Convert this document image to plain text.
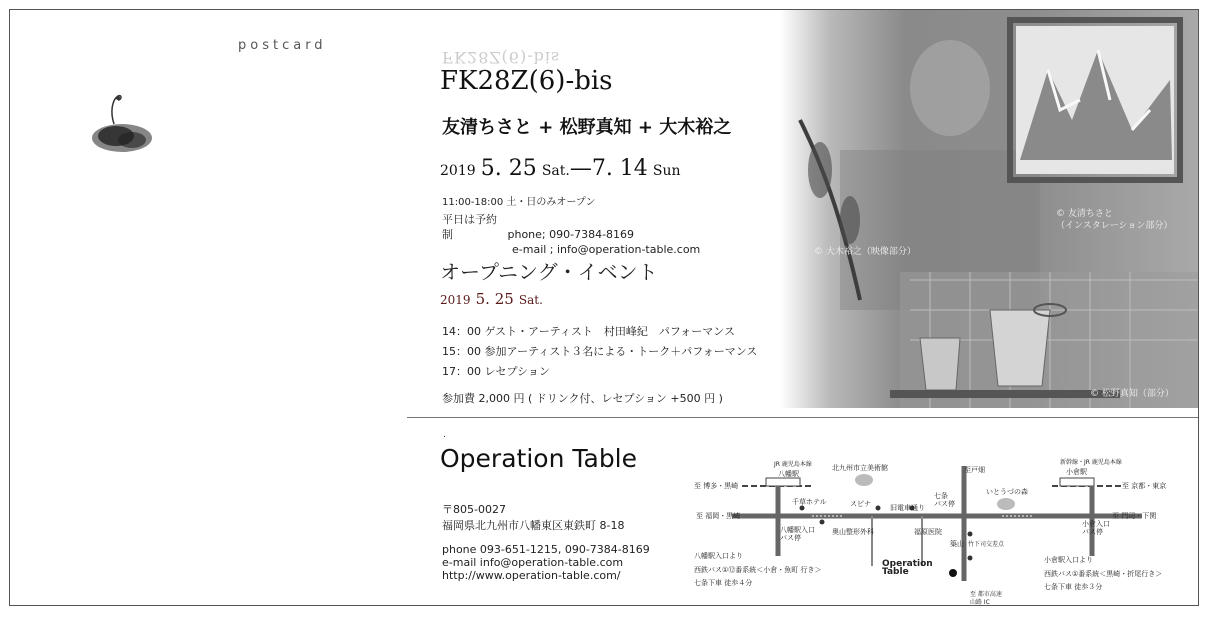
postcard
© 友清ちさと
（インスタレーション部分）
© 大木裕之（映像部分）
© 松野真知（部分）
FK28Z(6)-bis
FK28Z(6)-bis
友清ちさと + 松野真知 + 大木裕之
2019 5. 25 Sat.—7. 14 Sun
11:00-18:00 土・日のみオープン
平日は予約制	phone; 090-7384-8169
e-mail ; info@operation-table.com
オープニング・イベント
2019 5. 25 Sat.
14：00 ゲスト・アーティスト　村田峰紀　パフォーマンス
15：00 参加アーティスト３名による・トーク＋パフォーマンス
17：00 レセプション
参加費 2,000 円 ( ドリンク付、レセプション +500 円 )
.
Operation Table
〒805-0027
福岡県北九州市八幡東区東鉄町 8-18
phone 093-651-1215, 090-7384-8169
e-mail info@operation-table.com
http://www.operation-table.com/
JR 鹿児島本線
八幡駅
至 博多・黒崎
北九州市立美術館	至戸畑
新幹線・JR 鹿児島本線
小倉駅
至 京都・東京
至 福岡・黒崎
千草ホテル	スピナ	旧電車通り
七条バス停
いとうづの森
至 門司・下関
八幡駅入口バス停
奥山整形外科	福原医院
築山 竹下司交差点
小倉入口バス停
Operation Table
至 都市高速山路 IC
八幡駅入口より
西鉄バス①⑫番系統＜小倉・魚町 行き＞
七条下車 徒歩４分
小倉駅入口より
西鉄バス①番系統＜黒崎・折尾行き＞
七条下車 徒歩３分
